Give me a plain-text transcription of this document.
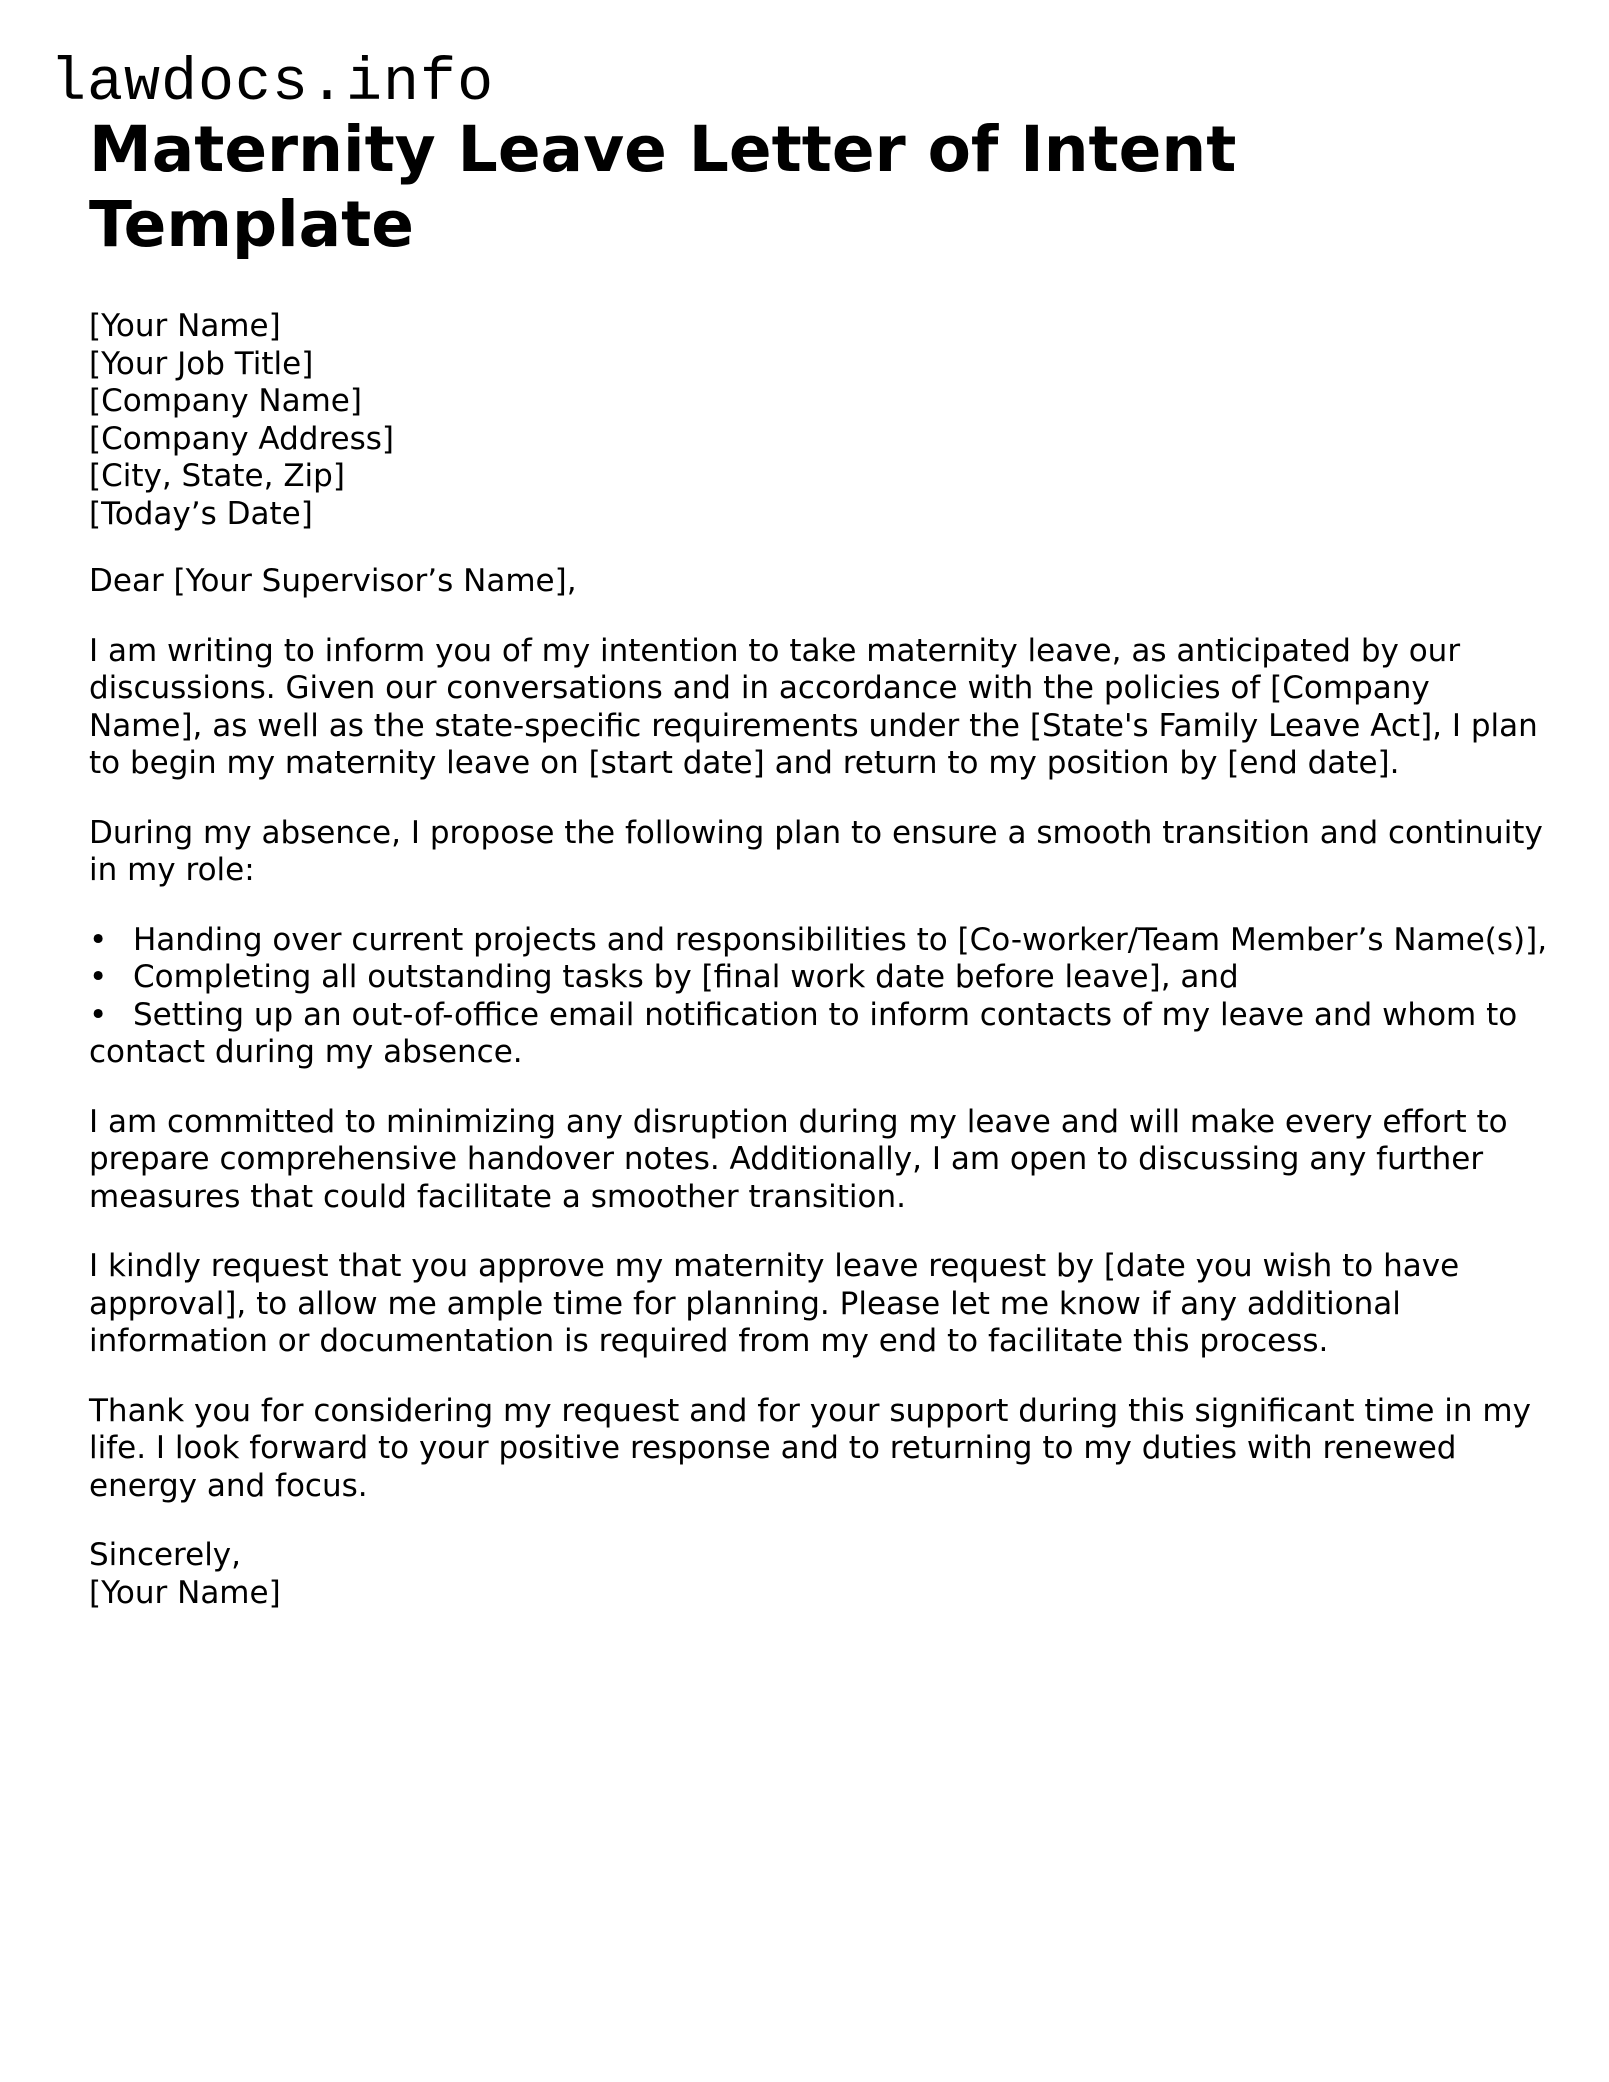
lawdocs.info
Maternity Leave Letter of Intent Template
[Your Name]
[Your Job Title]
[Company Name]
[Company Address]
[City, State, Zip]
[Today’s Date]

Dear [Your Supervisor’s Name],

I am writing to inform you of my intention to take maternity leave, as anticipated by our discussions. Given our conversations and in accordance with the policies of [Company Name], as well as the state-specific requirements under the [State's Family Leave Act], I plan to begin my maternity leave on [start date] and return to my position by [end date].

During my absence, I propose the following plan to ensure a smooth transition and continuity in my role:

• Handing over current projects and responsibilities to [Co-worker/Team Member’s Name(s)],
• Completing all outstanding tasks by [final work date before leave], and
• Setting up an out-of-office email notification to inform contacts of my leave and whom to contact during my absence.

I am committed to minimizing any disruption during my leave and will make every effort to prepare comprehensive handover notes. Additionally, I am open to discussing any further measures that could facilitate a smoother transition.

I kindly request that you approve my maternity leave request by [date you wish to have approval], to allow me ample time for planning. Please let me know if any additional information or documentation is required from my end to facilitate this process.

Thank you for considering my request and for your support during this significant time in my life. I look forward to your positive response and to returning to my duties with renewed energy and focus.

Sincerely,
[Your Name]
